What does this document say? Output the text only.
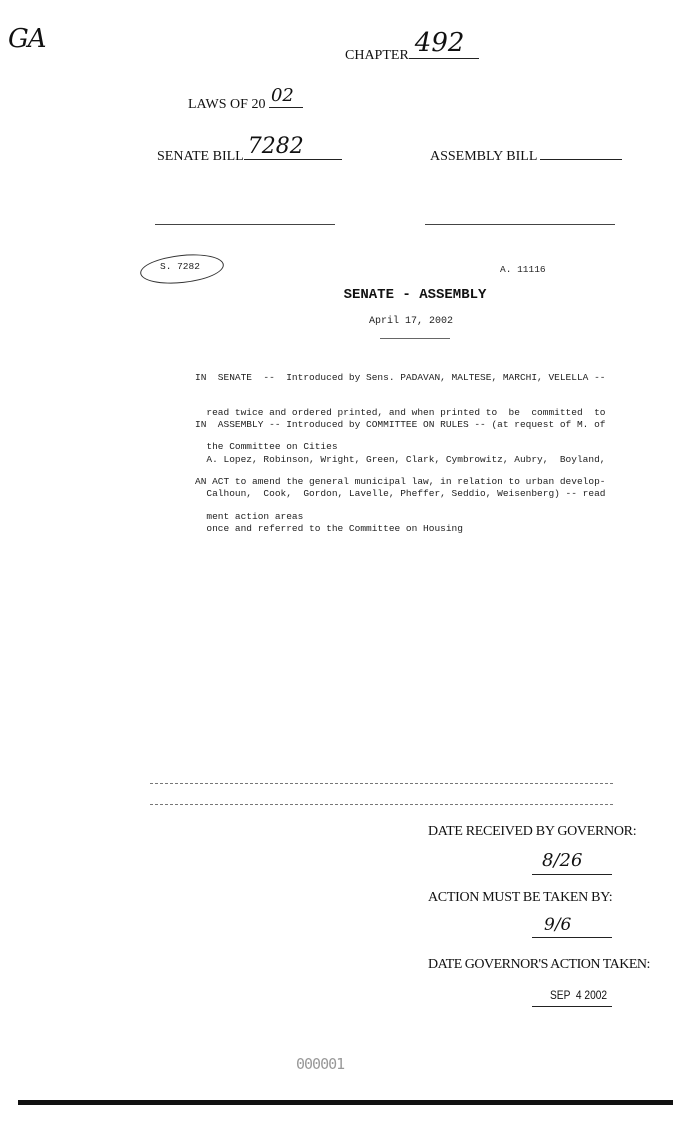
GA
CHAPTER 492
LAWS OF 20 02
SENATE BILL 7282	ASSEMBLY BILL
S. 7282	A. 11116
SENATE - ASSEMBLY
April 17, 2002

IN  SENATE  --  Introduced by Sens. PADAVAN, MALTESE, MARCHI, VELELLA --

read twice and ordered printed, and when printed to  be  committed  to

the Committee on Cities

IN  ASSEMBLY -- Introduced by COMMITTEE ON RULES -- (at request of M. of

A. Lopez, Robinson, Wright, Green, Clark, Cymbrowitz, Aubry,  Boyland,

Calhoun,  Cook,  Gordon, Lavelle, Pheffer, Seddio, Weisenberg) -- read

once and referred to the Committee on Housing

AN ACT to amend the general municipal law, in relation to urban develop-

ment action areas

DATE RECEIVED BY GOVERNOR:
8/26
ACTION MUST BE TAKEN BY:
9/6
DATE GOVERNOR'S ACTION TAKEN:
SEP  4 2002
000001
